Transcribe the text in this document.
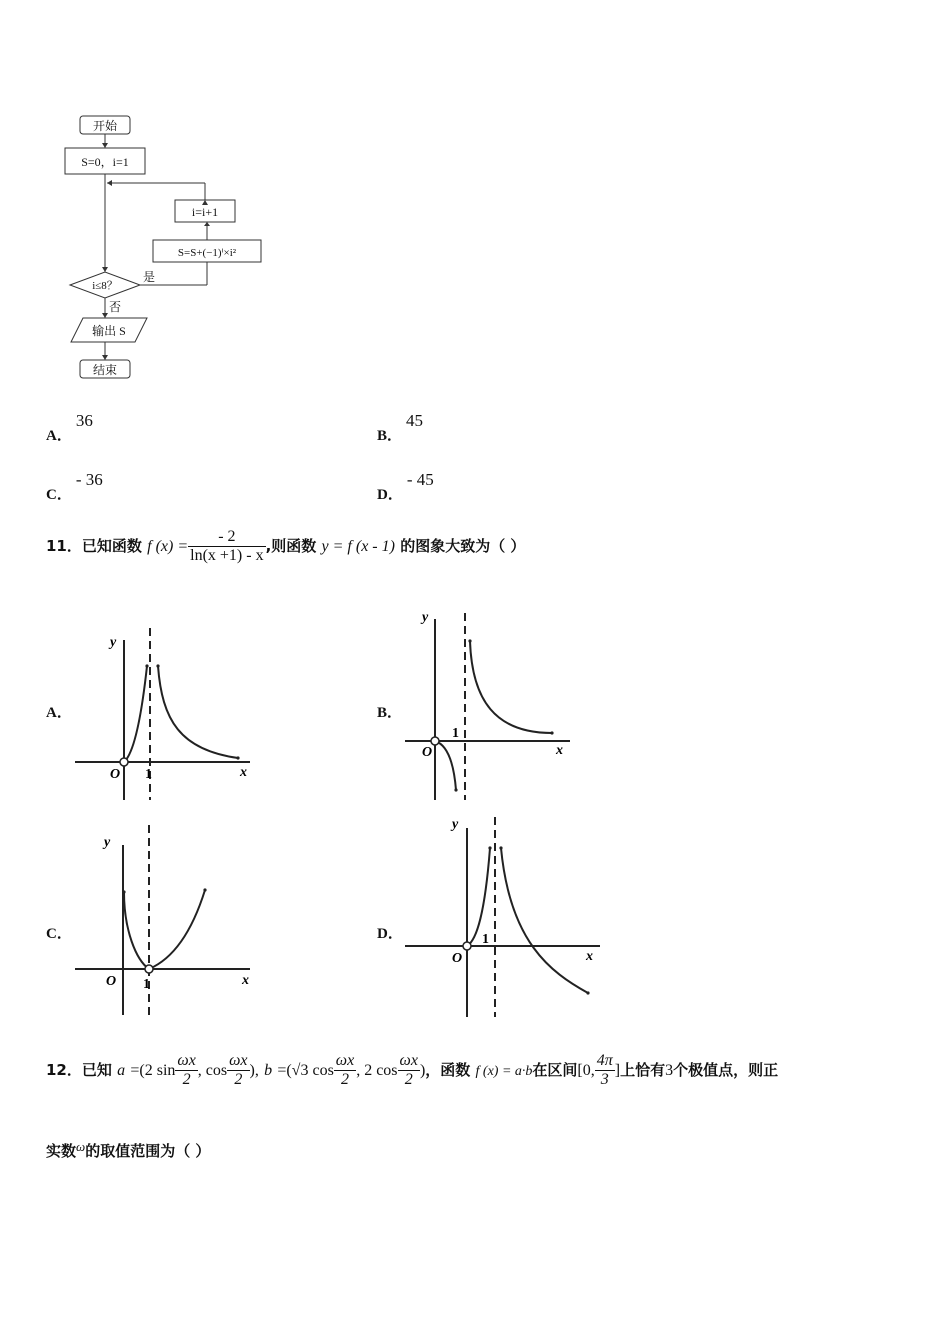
开始
S=0，i=1
i=i+1
S=S+(−1)ⁱ×i²
i≤8？
是
否
输出 S
结束
A． 36
B． 45
C． - 36
D． - 45
11．已知函数 f $(x) = \frac{- 2}{\ln(x +1) - x}$ ,则函数 y = f (x - 1) 的图象大致为（ ）
A．
y
x
O 1
B．
y
x
O
1
C．
y
x
O 1
D．
y
x
O
1
12．已知 a =(2 $\sin \frac{\omega x}{2}$ , $\cos \frac{\omega x}{2}$ ), b =(√3 $\cos \frac{\omega x}{2}$ , 2 $\cos \frac{\omega x}{2}$ )，函数 f (x) = a·b在区间[0, $\frac{4\pi}{3}$ ]上恰有3个极值点，则正
实数ω的取值范围为（ ）
